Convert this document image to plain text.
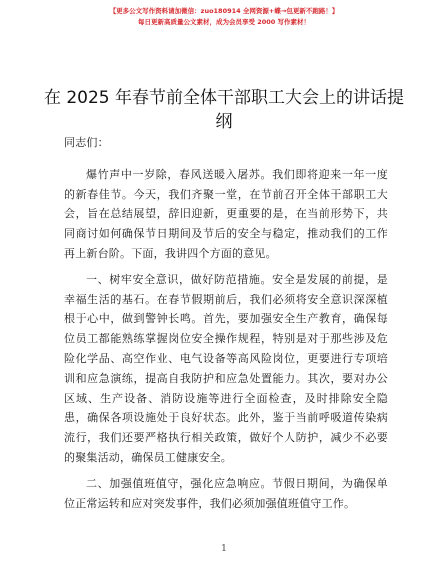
【更多公文写作资料请加微信：zuo180914 全网资源+蝶→包更新不跑路！】
每日更新高质量公文素材，成为会员享受 2000 写作素材！
在 2025 年春节前全体干部职工大会上的讲话提纲

同志们：

爆竹声中一岁除，春风送暖入屠苏。我们即将迎来一年一度的新春佳节。今天，我们齐聚一堂，在节前召开全体干部职工大会，旨在总结展望，辞旧迎新，更重要的是，在当前形势下，共同商讨如何确保节日期间及节后的安全与稳定，推动我们的工作再上新台阶。下面，我讲四个方面的意见。

一、树牢安全意识，做好防范措施。安全是发展的前提，是幸福生活的基石。在春节假期前后，我们必须将安全意识深深植根于心中，做到警钟长鸣。首先，要加强安全生产教育，确保每位员工都能熟练掌握岗位安全操作规程，特别是对于那些涉及危险化学品、高空作业、电气设备等高风险岗位，更要进行专项培训和应急演练，提高自我防护和应急处置能力。其次，要对办公区域、生产设备、消防设施等进行全面检查，及时排除安全隐患，确保各项设施处于良好状态。此外，鉴于当前呼吸道传染病流行，我们还要严格执行相关政策，做好个人防护，减少不必要的聚集活动，确保员工健康安全。

二、加强值班值守，强化应急响应。节假日期间，为确保单位正常运转和应对突发事件，我们必须加强值班值守工作。

1
